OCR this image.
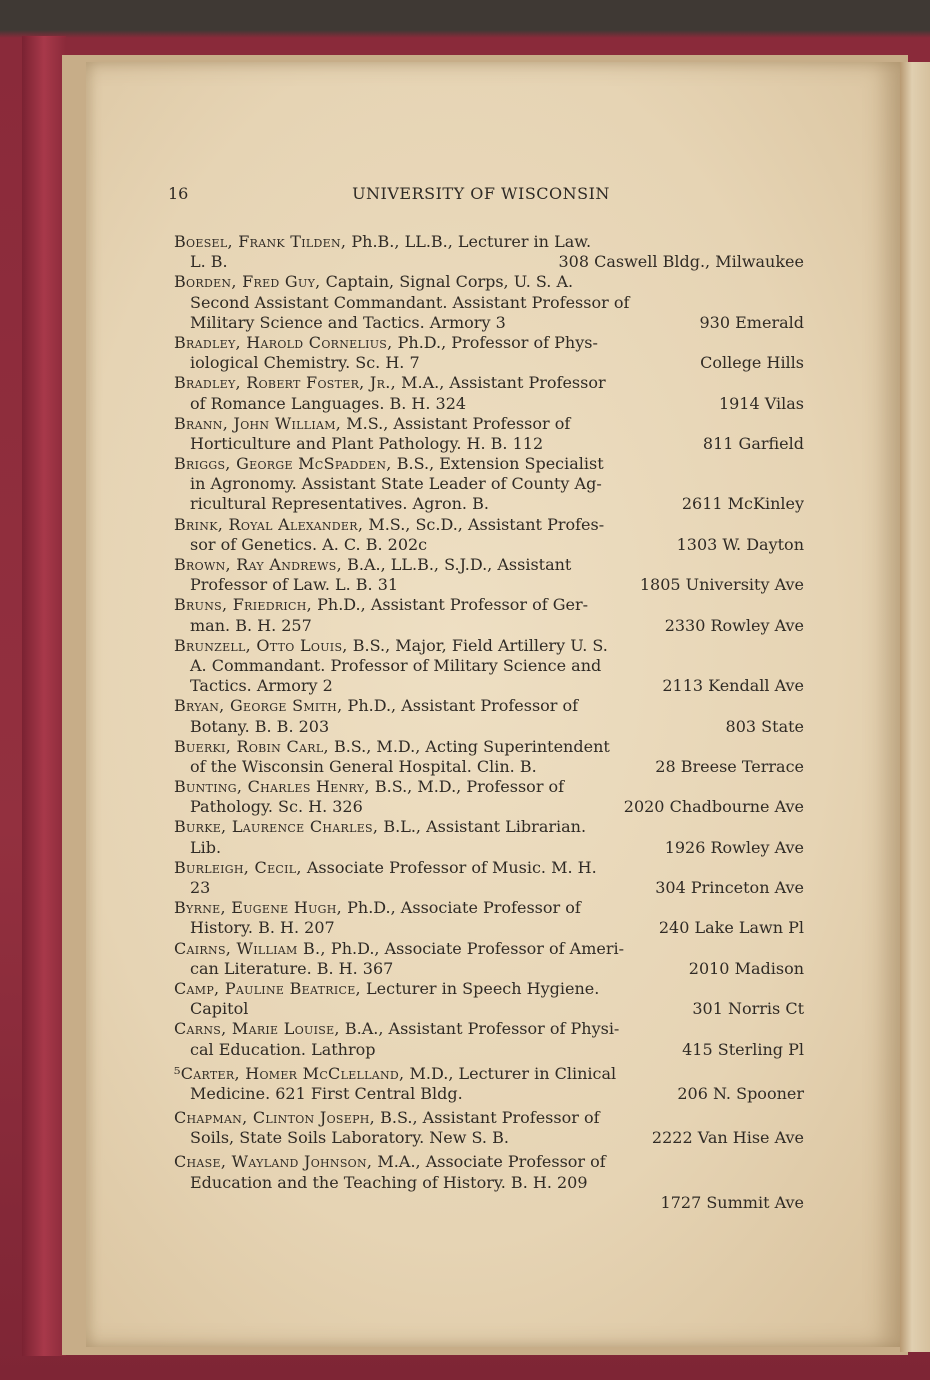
16	UNIVERSITY OF WISCONSIN
Boesel, Frank Tilden, Ph.B., LL.B., Lecturer in Law.
L. B.	308 Caswell Bldg., Milwaukee
Borden, Fred Guy, Captain, Signal Corps, U. S. A.
Second Assistant Commandant. Assistant Professor of
Military Science and Tactics. Armory 3	930 Emerald
Bradley, Harold Cornelius, Ph.D., Professor of Phys-
iological Chemistry. Sc. H. 7	College Hills
Bradley, Robert Foster, Jr., M.A., Assistant Professor
of Romance Languages. B. H. 324	1914 Vilas
Brann, John William, M.S., Assistant Professor of
Horticulture and Plant Pathology. H. B. 112	811 Garfield
Briggs, George McSpadden, B.S., Extension Specialist
in Agronomy. Assistant State Leader of County Ag-
ricultural Representatives. Agron. B.	2611 McKinley
Brink, Royal Alexander, M.S., Sc.D., Assistant Profes-
sor of Genetics. A. C. B. 202c	1303 W. Dayton
Brown, Ray Andrews, B.A., LL.B., S.J.D., Assistant
Professor of Law. L. B. 31	1805 University Ave
Bruns, Friedrich, Ph.D., Assistant Professor of Ger-
man. B. H. 257	2330 Rowley Ave
Brunzell, Otto Louis, B.S., Major, Field Artillery U. S.
A. Commandant. Professor of Military Science and
Tactics. Armory 2	2113 Kendall Ave
Bryan, George Smith, Ph.D., Assistant Professor of
Botany. B. B. 203	803 State
Buerki, Robin Carl, B.S., M.D., Acting Superintendent
of the Wisconsin General Hospital. Clin. B.	28 Breese Terrace
Bunting, Charles Henry, B.S., M.D., Professor of
Pathology. Sc. H. 326	2020 Chadbourne Ave
Burke, Laurence Charles, B.L., Assistant Librarian.
Lib.	1926 Rowley Ave
Burleigh, Cecil, Associate Professor of Music. M. H.
23	304 Princeton Ave
Byrne, Eugene Hugh, Ph.D., Associate Professor of
History. B. H. 207	240 Lake Lawn Pl
Cairns, William B., Ph.D., Associate Professor of Ameri-
can Literature. B. H. 367	2010 Madison
Camp, Pauline Beatrice, Lecturer in Speech Hygiene.
Capitol	301 Norris Ct
Carns, Marie Louise, B.A., Assistant Professor of Physi-
cal Education. Lathrop	415 Sterling Pl
⁵Carter, Homer McClelland, M.D., Lecturer in Clinical
Medicine. 621 First Central Bldg.	206 N. Spooner
Chapman, Clinton Joseph, B.S., Assistant Professor of
Soils, State Soils Laboratory. New S. B.	2222 Van Hise Ave
Chase, Wayland Johnson, M.A., Associate Professor of
Education and the Teaching of History. B. H. 209
1727 Summit Ave
